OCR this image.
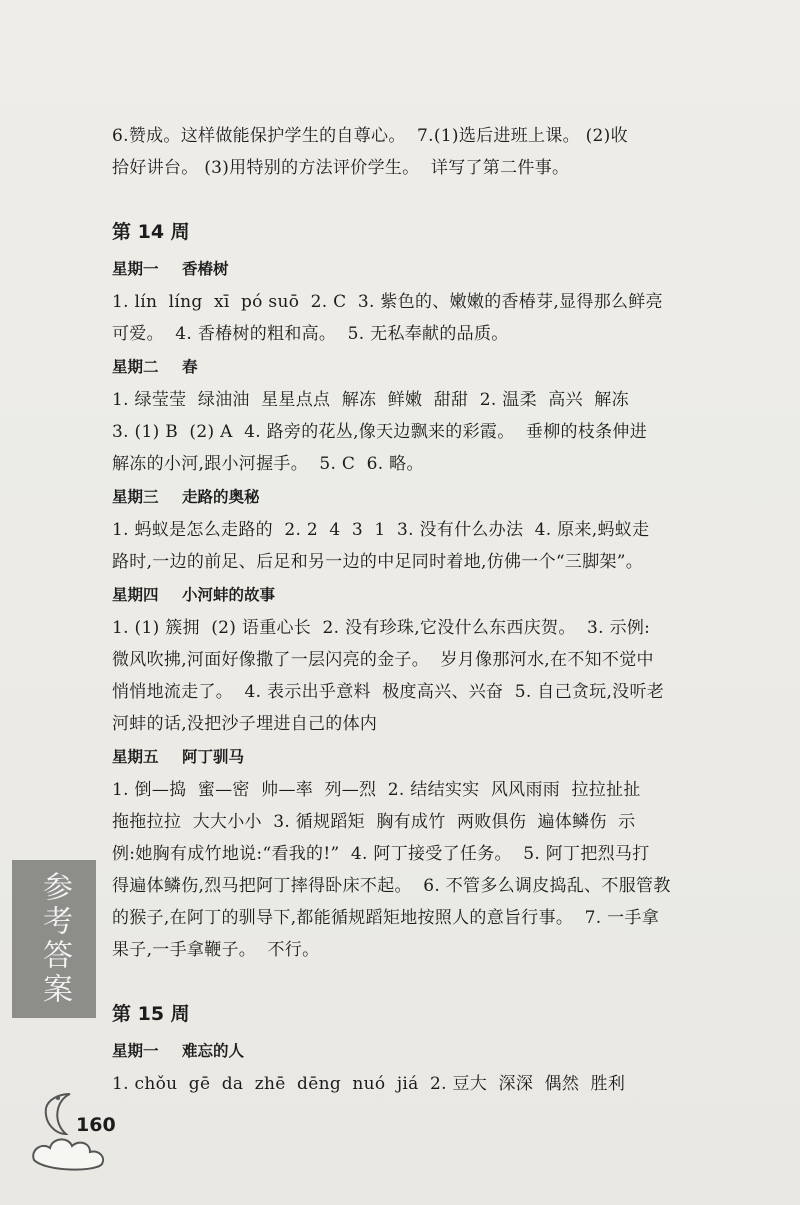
6.赞成。这样做能保护学生的自尊心。  7.(1)选后进班上课。 (2)收

拾好讲台。 (3)用特别的方法评价学生。  详写了第二件事。

第 14 周
星期一 香椿树

1. lín  líng  xī  pó suō  2. C  3. 紫色的、嫩嫩的香椿芽,显得那么鲜亮

可爱。  4. 香椿树的粗和高。  5. 无私奉献的品质。

星期二 春

1. 绿莹莹  绿油油  星星点点  解冻  鲜嫩  甜甜  2. 温柔  高兴  解冻

3. (1) B  (2) A  4. 路旁的花丛,像天边飘来的彩霞。  垂柳的枝条伸进

解冻的小河,跟小河握手。  5. C  6. 略。

星期三 走路的奥秘

1. 蚂蚁是怎么走路的  2. 2  4  3  1  3. 没有什么办法  4. 原来,蚂蚁走

路时,一边的前足、后足和另一边的中足同时着地,仿佛一个“三脚架”。

星期四 小河蚌的故事

1. (1) 簇拥  (2) 语重心长  2. 没有珍珠,它没什么东西庆贺。  3. 示例:

微风吹拂,河面好像撒了一层闪亮的金子。  岁月像那河水,在不知不觉中

悄悄地流走了。  4. 表示出乎意料  极度高兴、兴奋  5. 自己贪玩,没听老

河蚌的话,没把沙子埋进自己的体内

星期五 阿丁驯马

1. 倒—捣  蜜—密  帅—率  列—烈  2. 结结实实  风风雨雨  拉拉扯扯

拖拖拉拉  大大小小  3. 循规蹈矩  胸有成竹  两败俱伤  遍体鳞伤  示

例:她胸有成竹地说:“看我的!”  4. 阿丁接受了任务。  5. 阿丁把烈马打

得遍体鳞伤,烈马把阿丁摔得卧床不起。  6. 不管多么调皮捣乱、不服管教

的猴子,在阿丁的驯导下,都能循规蹈矩地按照人的意旨行事。  7. 一手拿

果子,一手拿鞭子。  不行。

第 15 周
星期一 难忘的人

1. chǒu  gē  da  zhē  dēng  nuó  jiá  2. 豆大  深深  偶然  胜利

参考答案
160
